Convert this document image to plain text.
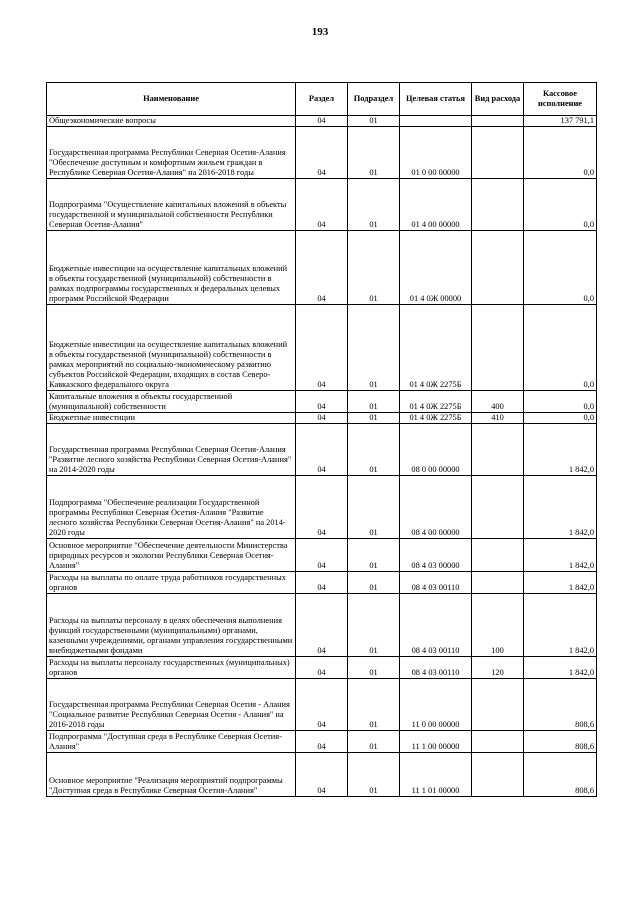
193
Наименование	Раздел	Подраздел	Целевая статья	Вид расхода	Кассовое исполнение
Общеэкономические вопросы	04	01			137 791,1
Государственная программа Республики Северная Осетия-Алания "Обеспечение доступным и комфортным жильем граждан в Республике Северная Осетия-Алания" на 2016-2018 годы	04	01	01 0 00 00000		0,0
Подпрограмма "Осуществление капитальных вложений в объекты государственной и муниципальной собственности Республики Северная Осетия-Алания"	04	01	01 4 00 00000		0,0
Бюджетные инвестиции на осуществление капитальных вложений в объекты государственной (муниципальной) собственности в рамках подпрограммы государственных и федеральных целевых программ Российской Федерации	04	01	01 4 0Ж 00000		0,0
Бюджетные инвестиции на осуществление капитальных вложений в объекты государственной (муниципальной) собственности в рамках мероприятий по социально-экономическому развитию субъектов Российской Федерации, входящих в состав Северо-Кавказского федерального округа	04	01	01 4 0Ж 2275Б		0,0
Капитальные вложения в объекты государственной (муниципальной) собственности	04	01	01 4 0Ж 2275Б	400	0,0
Бюджетные инвестиции	04	01	01 4 0Ж 2275Б	410	0,0
Государственная программа Республики Северная Осетия-Алания "Развитие лесного хозяйства Республики Северная Осетия-Алания" на 2014-2020 годы	04	01	08 0 00 00000		1 842,0
Подпрограмма "Обеспечение реализации Государственной программы Республики Северная Осетия-Алания "Развитие лесного хозяйства Республики Северная Осетия-Алания" на 2014-2020 годы	04	01	08 4 00 00000		1 842,0
Основное мероприятие "Обеспечение деятельности Министерства природных ресурсов и экологии Республики Северная Осетия-Алания"	04	01	08 4 03 00000		1 842,0
Расходы на выплаты по оплате труда работников государственных органов	04	01	08 4 03 00110		1 842,0
Расходы на выплаты персоналу в целях обеспечения выполнения функций государственными (муниципальными) органами, казенными учреждениями, органами управления государственными внебюджетными фондами	04	01	08 4 03 00110	100	1 842,0
Расходы на выплаты персоналу государственных (муниципальных) органов	04	01	08 4 03 00110	120	1 842,0
Государственная программа Республики Северная Осетия - Алания "Социальное развитие Республики Северная Осетия - Алания" на 2016-2018 годы	04	01	11 0 00 00000		808,6
Подпрограмма "Доступная среда в Республике Северная Осетия-Алания"	04	01	11 1 00 00000		808,6
Основное мероприятие "Реализация мероприятий подпрограммы "Доступная среда в Республике Северная Осетия-Алания"	04	01	11 1 01 00000		808,6
